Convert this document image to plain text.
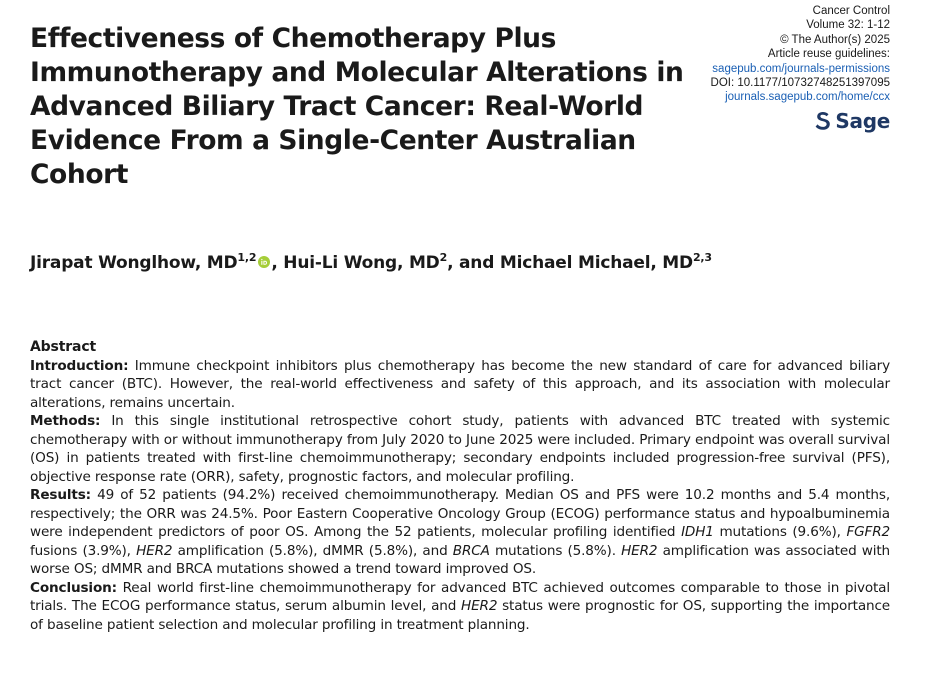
Effectiveness of Chemotherapy Plus
Immunotherapy and Molecular Alterations in
Advanced Biliary Tract Cancer: Real-World
Evidence From a Single-Center Australian
Cohort
Cancer Control
Volume 32: 1-12
© The Author(s) 2025
Article reuse guidelines:
sagepub.com/journals-permissions
DOI: 10.1177/10732748251397095
journals.sagepub.com/home/ccx
Sage
Jirapat Wonglhow, MD$^{1,2}$ , Hui-Li Wong, $MD^2$, and Michael Michael, MD$^{2,3}$
Abstract

Introduction: Immune checkpoint inhibitors plus chemotherapy has become the new standard of care for advanced biliary tract cancer (BTC). However, the real-world effectiveness and safety of this approach, and its association with molecular alterations, remains uncertain.

Methods: In this single institutional retrospective cohort study, patients with advanced BTC treated with systemic chemotherapy with or without immunotherapy from July 2020 to June 2025 were included. Primary endpoint was overall survival (OS) in patients treated with first-line chemoimmunotherapy; secondary endpoints included progression-free survival (PFS), objective response rate (ORR), safety, prognostic factors, and molecular profiling.

Results: 49 of 52 patients (94.2%) received chemoimmunotherapy. Median OS and PFS were 10.2 months and 5.4 months, respectively; the ORR was 24.5%. Poor Eastern Cooperative Oncology Group (ECOG) performance status and hypoalbuminemia were independent predictors of poor OS. Among the 52 patients, molecular profiling identified IDH1 mutations (9.6%), FGFR2 fusions (3.9%), HER2 amplification (5.8%), dMMR (5.8%), and BRCA mutations (5.8%). HER2 amplification was associated with worse OS; dMMR and BRCA mutations showed a trend toward improved OS.

Conclusion: Real world first-line chemoimmunotherapy for advanced BTC achieved outcomes comparable to those in pivotal trials. The ECOG performance status, serum albumin level, and HER2 status were prognostic for OS, supporting the importance of baseline patient selection and molecular profiling in treatment planning.
